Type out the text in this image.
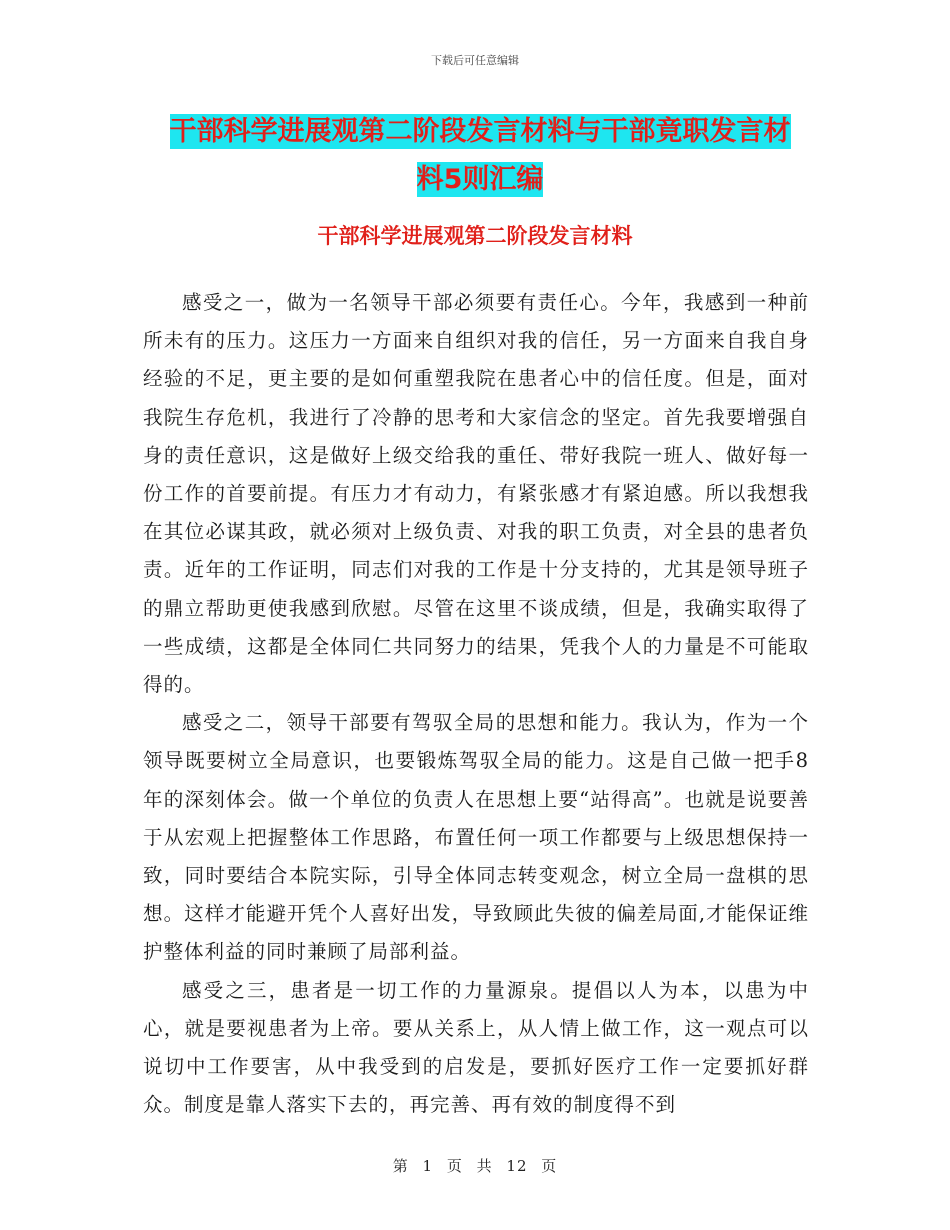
下载后可任意编辑
干部科学进展观第二阶段发言材料与干部竟职发言材
料5则汇编
干部科学进展观第二阶段发言材料

感受之一，做为一名领导干部必须要有责任心。今年，我感到一种前所未有的压力。这压力一方面来自组织对我的信任，另一方面来自我自身经验的不足，更主要的是如何重塑我院在患者心中的信任度。但是，面对我院生存危机，我进行了冷静的思考和大家信念的坚定。首先我要增强自身的责任意识，这是做好上级交给我的重任、带好我院一班人、做好每一份工作的首要前提。有压力才有动力，有紧张感才有紧迫感。所以我想我在其位必谋其政，就必须对上级负责、对我的职工负责，对全县的患者负责。近年的工作证明，同志们对我的工作是十分支持的，尤其是领导班子的鼎立帮助更使我感到欣慰。尽管在这里不谈成绩，但是，我确实取得了一些成绩，这都是全体同仁共同努力的结果，凭我个人的力量是不可能取得的。

感受之二，领导干部要有驾驭全局的思想和能力。我认为，作为一个领导既要树立全局意识，也要锻炼驾驭全局的能力。这是自己做一把手8年的深刻体会。做一个单位的负责人在思想上要“站得高”。也就是说要善于从宏观上把握整体工作思路，布置任何一项工作都要与上级思想保持一致，同时要结合本院实际，引导全体同志转变观念，树立全局一盘棋的思想。这样才能避开凭个人喜好出发，导致顾此失彼的偏差局面,才能保证维护整体利益的同时兼顾了局部利益。

感受之三，患者是一切工作的力量源泉。提倡以人为本，以患为中心，就是要视患者为上帝。要从关系上，从人情上做工作，这一观点可以说切中工作要害，从中我受到的启发是，要抓好医疗工作一定要抓好群众。制度是靠人落实下去的，再完善、再有效的制度得不到

第 1 页 共 12 页
